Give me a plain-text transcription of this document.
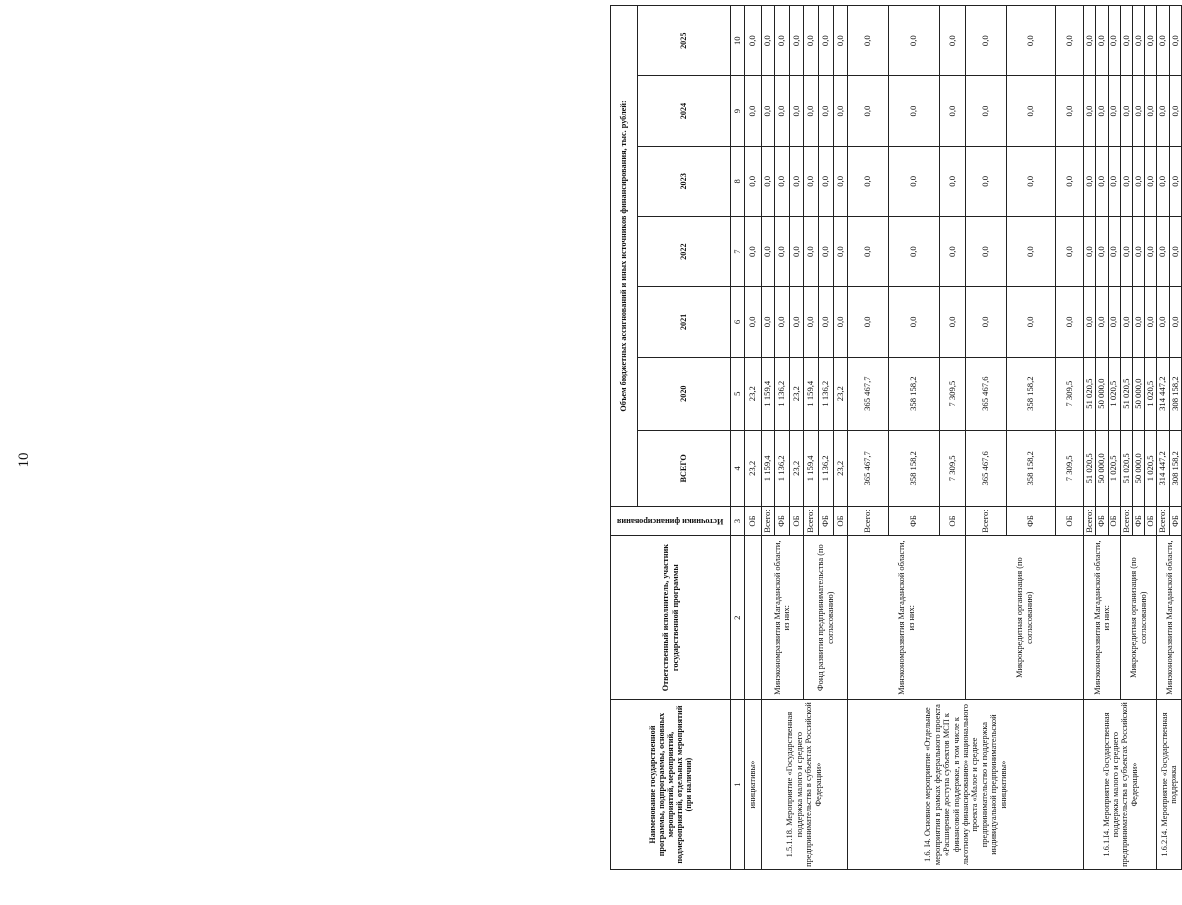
10
Наименование государственной программы, подпрограммы, основных мероприятий, мероприятий, подмероприятий, отдельных мероприятий (при наличии)	Ответственный исполнитель, участник государственной программы	Источники финансирования	Объем бюджетных ассигнований и иных источников финансирования, тыс. рублей:						
			ВСЕГО	2020	2021	2022	2023	2024	2025
1	2	3	4	5	6	7	8	9	10
инициативы»		ОБ	23,2	23,2	0,0	0,0	0,0	0,0	0,0
1.5.1.18. Мероприятие «Государственная поддержка малого и среднего предпринимательства в субъектах Российской Федерации»	Минэкономразвития Магаданской области, из них:	Всего:	1 159,4	1 159,4	0,0	0,0	0,0	0,0	0,0
		ФБ	1 136,2	1 136,2	0,0	0,0	0,0	0,0	0,0
		ОБ	23,2	23,2	0,0	0,0	0,0	0,0	0,0
	Фонд развития предпринимательства (по согласованию)	Всего:	1 159,4	1 159,4	0,0	0,0	0,0	0,0	0,0
		ФБ	1 136,2	1 136,2	0,0	0,0	0,0	0,0	0,0
		ОБ	23,2	23,2	0,0	0,0	0,0	0,0	0,0
1.6. I4. Основное мероприятие «Отдельные мероприятия в рамках федерального проекта «Расширение доступа субъектов МСП к финансовой поддержке, в том числе к льготному финансированию» национального проекта «Малое и среднее предпринимательство и поддержка индивидуальной предпринимательской инициативы»	Минэкономразвития Магаданской области, из них:	Всего:	365 467,7	365 467,7	0,0	0,0	0,0	0,0	0,0
		ФБ	358 158,2	358 158,2	0,0	0,0	0,0	0,0	0,0
		ОБ	7 309,5	7 309,5	0,0	0,0	0,0	0,0	0,0
	Микрокредитная организация (по согласованию)	Всего:	365 467,6	365 467,6	0,0	0,0	0,0	0,0	0,0
		ФБ	358 158,2	358 158,2	0,0	0,0	0,0	0,0	0,0
		ОБ	7 309,5	7 309,5	0,0	0,0	0,0	0,0	0,0
1.6.1.I4. Мероприятие «Государственная поддержка малого и среднего предпринимательства в субъектах Российской Федерации»	Минэкономразвития Магаданской области, из них:	Всего:	51 020,5	51 020,5	0,0	0,0	0,0	0,0	0,0
		ФБ	50 000,0	50 000,0	0,0	0,0	0,0	0,0	0,0
		ОБ	1 020,5	1 020,5	0,0	0,0	0,0	0,0	0,0
	Микрокредитная организация (по согласованию)	Всего:	51 020,5	51 020,5	0,0	0,0	0,0	0,0	0,0
		ФБ	50 000,0	50 000,0	0,0	0,0	0,0	0,0	0,0
		ОБ	1 020,5	1 020,5	0,0	0,0	0,0	0,0	0,0
1.6.2.I4. Мероприятие «Государственная поддержка	Минэкономразвития Магаданской области,	Всего:	314 447,2	314 447,2	0,0	0,0	0,0	0,0	0,0
		ФБ	308 158,2	308 158,2	0,0	0,0	0,0	0,0	0,0
